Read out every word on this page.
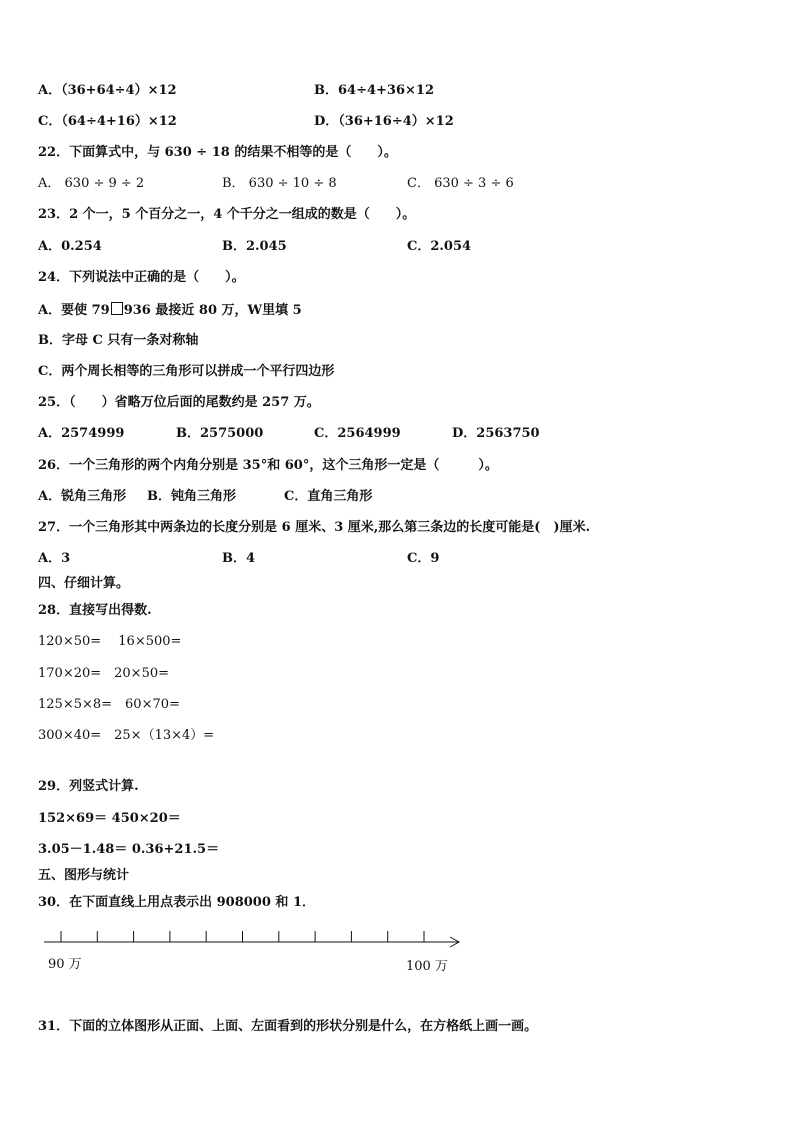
A．（36+64÷4）×12	B．64÷4+36×12
C．（64÷4+16）×12	D．（36+16÷4）×12
22．下面算式中，与 630 ÷ 18 的结果不相等的是（　　）。
A． 630 ÷ 9 ÷ 2	B． 630 ÷ 10 ÷ 8	C． 630 ÷ 3 ÷ 6
23．2 个一，5 个百分之一，4 个千分之一组成的数是（　　）。
A．0.254	B．2.045	C．2.054
24．下列说法中正确的是（　　）。
A．要使 79 936 最接近 80 万，W里填 5
B．字母 C 只有一条对称轴
C．两个周长相等的三角形可以拼成一个平行四边形
25．（　　）省略万位后面的尾数约是 257 万。
A．2574999	B．2575000	C．2564999	D．2563750
26．一个三角形的两个内角分别是 35°和 60°，这个三角形一定是（　　　）。
A．锐角三角形 B．钝角三角形	C．直角三角形
27．一个三角形其中两条边的长度分别是 6 厘米、3 厘米,那么第三条边的长度可能是(　)厘米.
A．3	B．4	C．9
四、仔细计算。
28．直接写出得数.
120×50=　 16×500=
170×20=　20×50=
125×5×8=　60×70=
300×40=　25×（13×4）=
29．列竖式计算.
152×69＝ 450×20＝
3.05－1.48＝ 0.36+21.5＝
五、图形与统计
30．在下面直线上用点表示出 908000 和 1．
90 万	100 万
31．下面的立体图形从正面、上面、左面看到的形状分别是什么，在方格纸上画一画。
